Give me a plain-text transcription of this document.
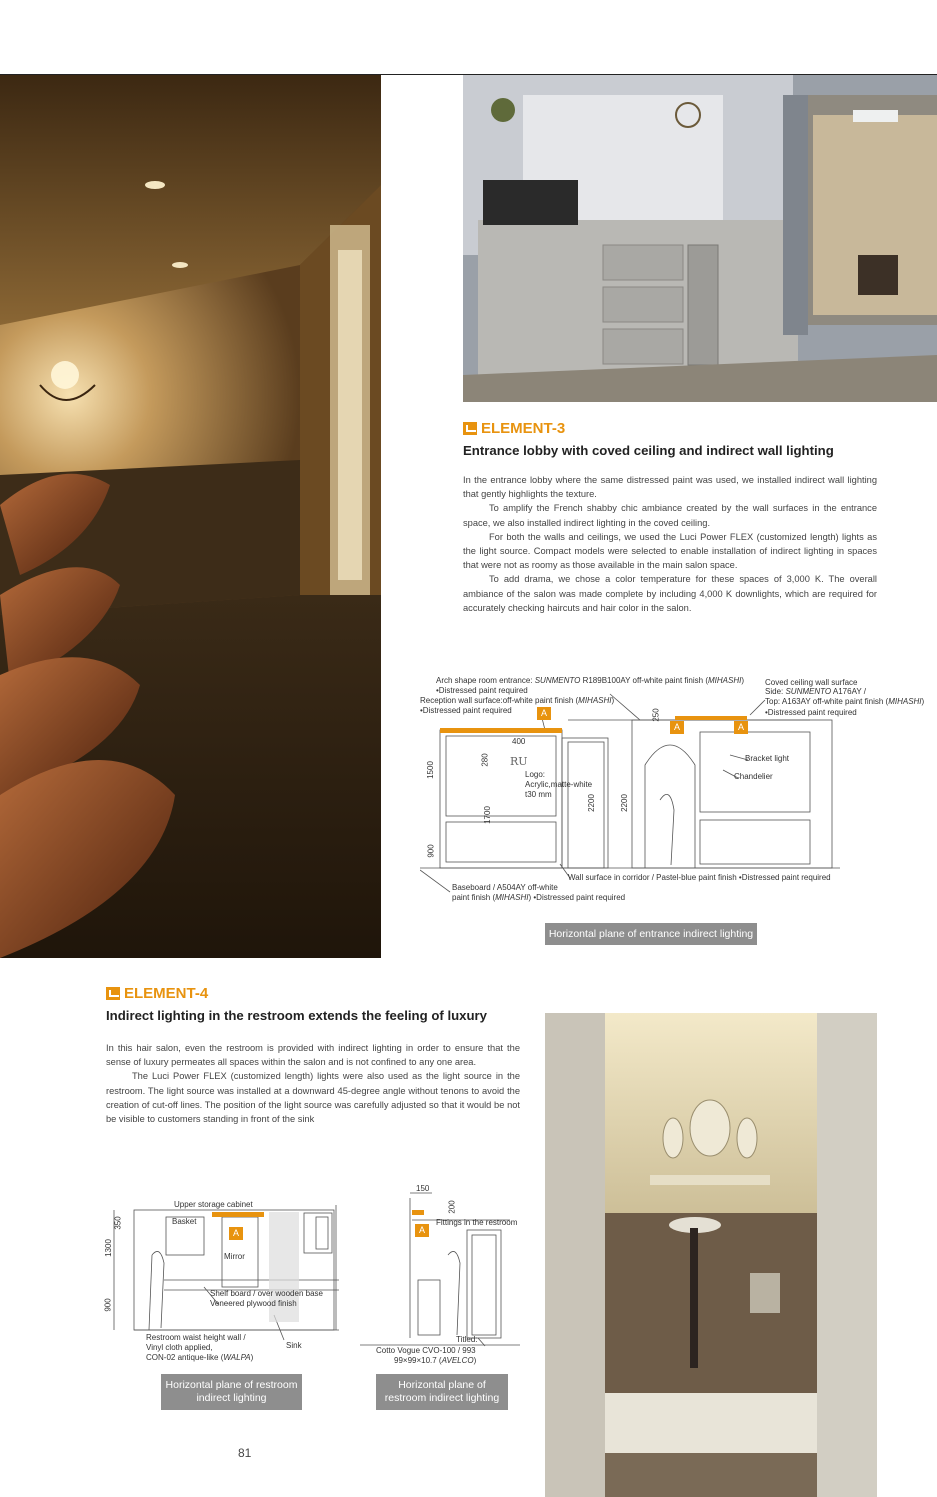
ELEMENT-3
Entrance lobby with coved ceiling and indirect wall lighting

In the entrance lobby where the same distressed paint was used, we installed indirect wall lighting that gently highlights the texture.

To amplify the French shabby chic ambiance created by the wall surfaces in the entrance space, we also installed indirect lighting in the coved ceiling.

For both the walls and ceilings, we used the Luci Power FLEX (customized length) lights as the light source. Compact models were selected to enable installation of indirect lighting in spaces that were not as roomy as those available in the main salon space.

To add drama, we chose a color temperature for these spaces of 3,000 K. The overall ambiance of the salon was made complete by including 4,000 K downlights, which are required for accurately checking haircuts and hair color in the salon.

Arch shape room entrance: SUNMENTO R189B100AY off-white paint finish (MIHASHI)
•Distressed paint required
Reception wall surface:off-white paint finish (MIHASHI)
•Distressed paint required
Coved ceiling wall surface
Side: SUNMENTO A176AY /
Top: A163AY off-white paint finish (MIHASHI)
•Distressed paint required
A
A	A
250
400
280 RU
Logo:
Acrylic,matte-white
t30 mm
1500
1700
900
2200	2200
Bracket light
Chandelier
Wall surface in corridor / Pastel-blue paint finish •Distressed paint required
Baseboard / A504AY off-white
paint finish (MIHASHI) •Distressed paint required
Horizontal plane of entrance indirect lighting
ELEMENT-4
Indirect lighting in the restroom extends the feeling of luxury

In this hair salon, even the restroom is provided with indirect lighting in order to ensure that the sense of luxury permeates all spaces within the salon and is not confined to any one area.

The Luci Power FLEX (customized length) lights were also used as the light source in the restroom. The light source was installed at a downward 45-degree angle without tenons to avoid the creation of cut-off lines. The position of the light source was carefully adjusted so that it would be not be visible to customers standing in front of the sink

Upper storage cabinet
Basket
A
Mirror
350
1300
900
Shelf board / over wooden base
Veneered plywood finish
Restroom waist height wall /
Vinyl cloth applied,
CON-02 antique-like (WALPA)
Sink
150
200
Fittings in the restroom
A
Titled:
Cotto Vogue CVO-100 / 993
99×99×10.7 (AVELCO)
Horizontal plane of restroom
indirect lighting
Horizontal plane of
restroom indirect lighting
81
